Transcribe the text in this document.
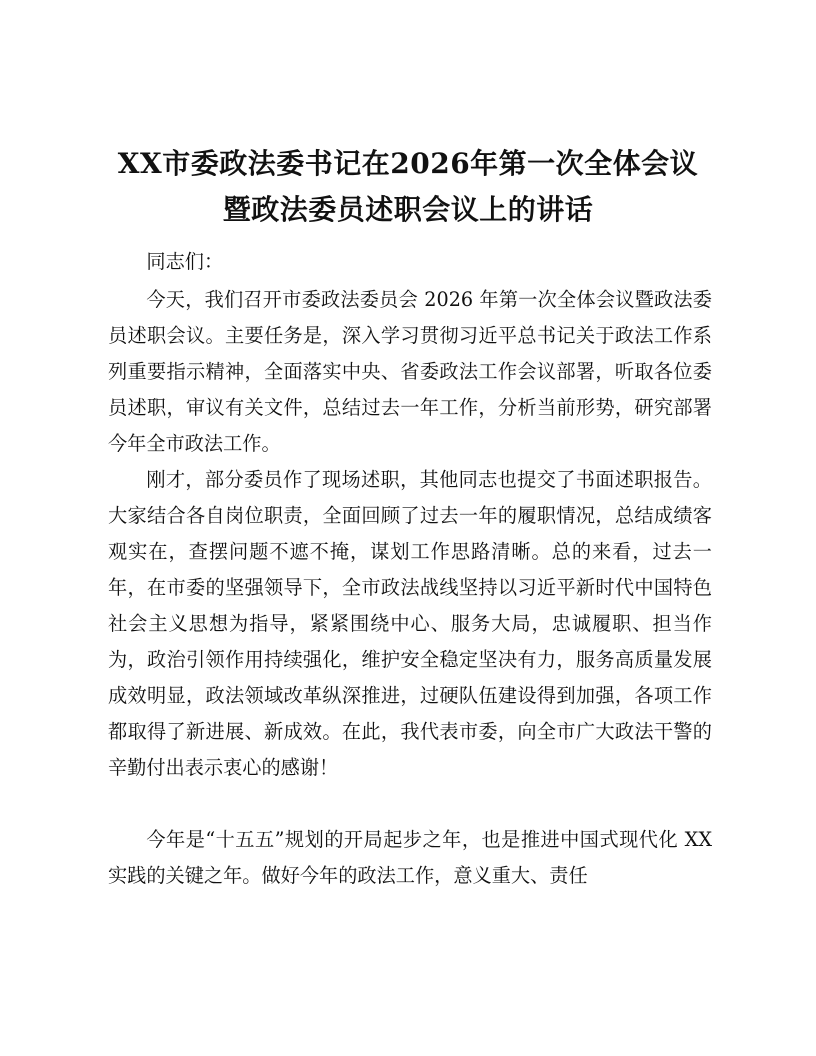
XX市委政法委书记在2026年第一次全体会议
暨政法委员述职会议上的讲话

同志们：

今天，我们召开市委政法委员会 2026 年第一次全体会议暨政法委员述职会议。主要任务是，深入学习贯彻习近平总书记关于政法工作系列重要指示精神，全面落实中央、省委政法工作会议部署，听取各位委员述职，审议有关文件，总结过去一年工作，分析当前形势，研究部署今年全市政法工作。

刚才，部分委员作了现场述职，其他同志也提交了书面述职报告。大家结合各自岗位职责，全面回顾了过去一年的履职情况，总结成绩客观实在，查摆问题不遮不掩，谋划工作思路清晰。总的来看，过去一年，在市委的坚强领导下，全市政法战线坚持以习近平新时代中国特色社会主义思想为指导，紧紧围绕中心、服务大局，忠诚履职、担当作为，政治引领作用持续强化，维护安全稳定坚决有力，服务高质量发展成效明显，政法领域改革纵深推进，过硬队伍建设得到加强，各项工作都取得了新进展、新成效。在此，我代表市委，向全市广大政法干警的辛勤付出表示衷心的感谢！

今年是“十五五”规划的开局起步之年，也是推进中国式现代化 XX 实践的关键之年。做好今年的政法工作，意义重大、责任
